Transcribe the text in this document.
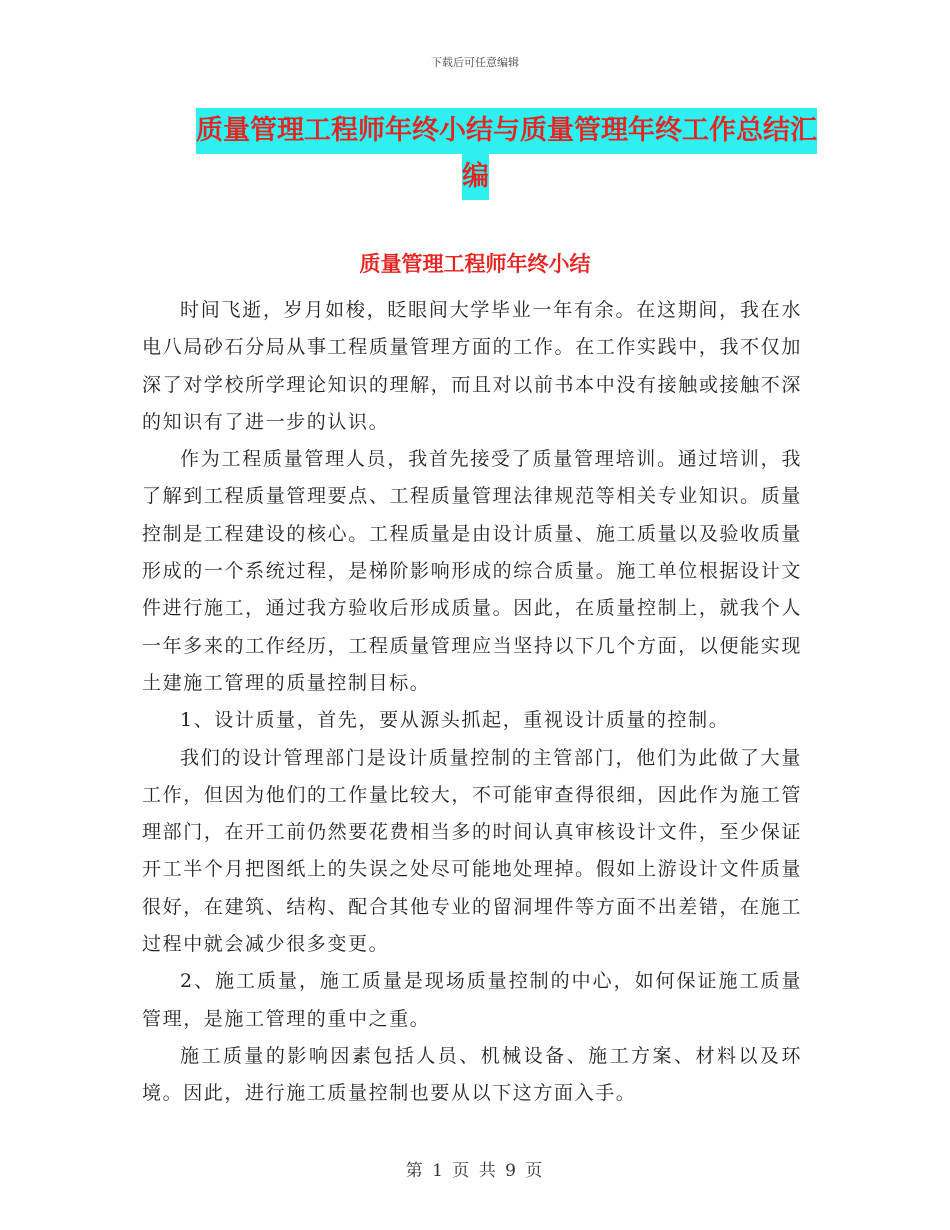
下载后可任意编辑
质量管理工程师年终小结与质量管理年终工作总结汇
编
质量管理工程师年终小结

时间飞逝，岁月如梭，眨眼间大学毕业一年有余。在这期间，我在水电八局砂石分局从事工程质量管理方面的工作。在工作实践中，我不仅加深了对学校所学理论知识的理解，而且对以前书本中没有接触或接触不深的知识有了进一步的认识。

作为工程质量管理人员，我首先接受了质量管理培训。通过培训，我了解到工程质量管理要点、工程质量管理法律规范等相关专业知识。质量控制是工程建设的核心。工程质量是由设计质量、施工质量以及验收质量形成的一个系统过程，是梯阶影响形成的综合质量。施工单位根据设计文件进行施工，通过我方验收后形成质量。因此，在质量控制上，就我个人一年多来的工作经历，工程质量管理应当坚持以下几个方面，以便能实现土建施工管理的质量控制目标。

1、设计质量，首先，要从源头抓起，重视设计质量的控制。

我们的设计管理部门是设计质量控制的主管部门，他们为此做了大量工作，但因为他们的工作量比较大，不可能审查得很细，因此作为施工管理部门，在开工前仍然要花费相当多的时间认真审核设计文件，至少保证开工半个月把图纸上的失误之处尽可能地处理掉。假如上游设计文件质量很好，在建筑、结构、配合其他专业的留洞埋件等方面不出差错，在施工过程中就会减少很多变更。

2、施工质量，施工质量是现场质量控制的中心，如何保证施工质量管理，是施工管理的重中之重。

施工质量的影响因素包括人员、机械设备、施工方案、材料以及环境。因此，进行施工质量控制也要从以下这方面入手。

第 1 页 共 9 页
